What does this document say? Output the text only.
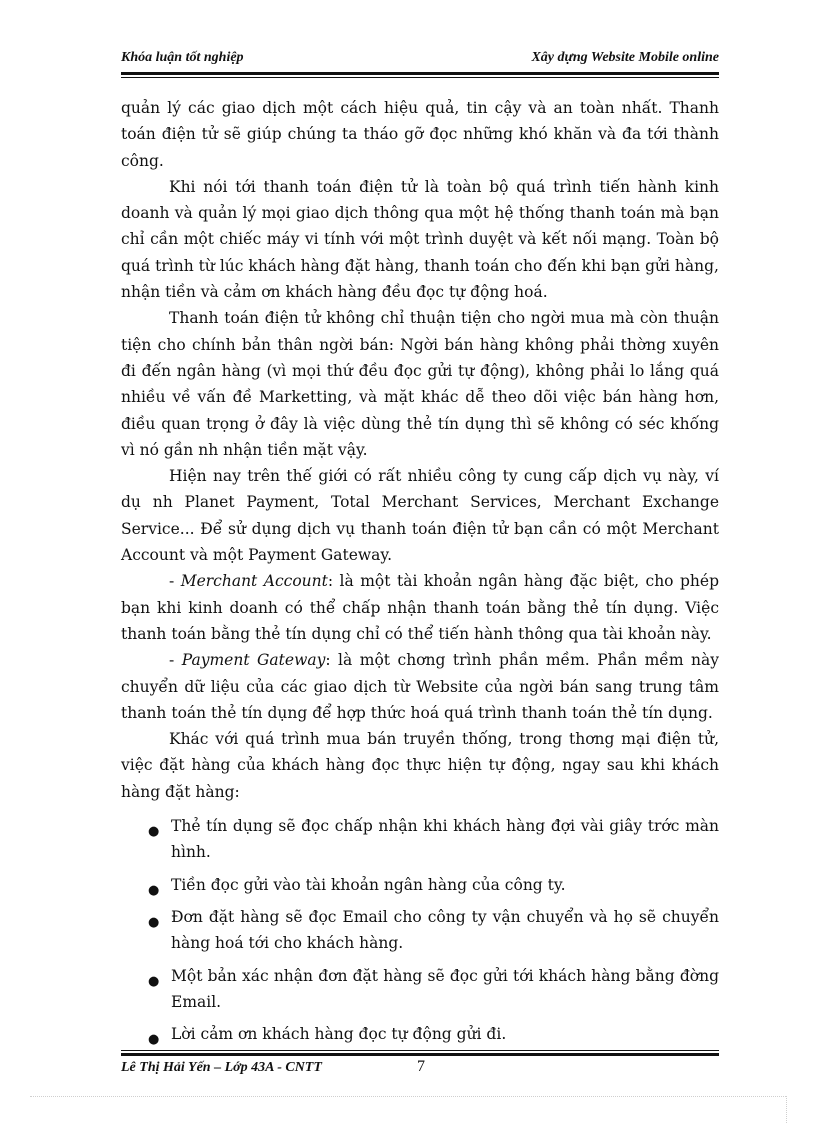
Khóa luận tốt nghiệp	Xây dựng Website Mobile online

quản lý các giao dịch một cách hiệu quả, tin cậy và an toàn nhất. Thanh toán điện tử sẽ giúp chúng ta tháo gỡ đọc những khó khăn và đa tới thành công.

Khi nói tới thanh toán điện tử là toàn bộ quá trình tiến hành kinh doanh và quản lý mọi giao dịch thông qua một hệ thống thanh toán mà bạn chỉ cần một chiếc máy vi tính với một trình duyệt và kết nối mạng. Toàn bộ quá trình từ lúc khách hàng đặt hàng, thanh toán cho đến khi bạn gửi hàng, nhận tiền và cảm ơn khách hàng đều đọc tự động hoá.

Thanh toán điện tử không chỉ thuận tiện cho ngời mua mà còn thuận tiện cho chính bản thân ngời bán: Ngời bán hàng không phải thờng xuyên đi đến ngân hàng (vì mọi thứ đều đọc gửi tự động), không phải lo lắng quá nhiều về vấn đề Marketting, và mặt khác dễ theo dõi việc bán hàng hơn, điều quan trọng ở đây là việc dùng thẻ tín dụng thì sẽ không có séc khống vì nó gần nh nhận tiền mặt vậy.

Hiện nay trên thế giới có rất nhiều công ty cung cấp dịch vụ này, ví dụ nh Planet Payment, Total Merchant Services, Merchant Exchange Service... Để sử dụng dịch vụ thanh toán điện tử bạn cần có một Merchant Account và một Payment Gateway.

- Merchant Account: là một tài khoản ngân hàng đặc biệt, cho phép bạn khi kinh doanh có thể chấp nhận thanh toán bằng thẻ tín dụng. Việc thanh toán bằng thẻ tín dụng chỉ có thể tiến hành thông qua tài khoản này.

- Payment Gateway: là một chơng trình phần mềm. Phần mềm này chuyển dữ liệu của các giao dịch từ Website của ngời bán sang trung tâm thanh toán thẻ tín dụng để hợp thức hoá quá trình thanh toán thẻ tín dụng.

Khác với quá trình mua bán truyền thống, trong thơng mại điện tử, việc đặt hàng của khách hàng đọc thực hiện tự động, ngay sau khi khách hàng đặt hàng:

● Thẻ tín dụng sẽ đọc chấp nhận khi khách hàng đợi vài giây trớc màn hình.
● Tiền đọc gửi vào tài khoản ngân hàng của công ty.
● Đơn đặt hàng sẽ đọc Email cho công ty vận chuyển và họ sẽ chuyển hàng hoá tới cho khách hàng.
● Một bản xác nhận đơn đặt hàng sẽ đọc gửi tới khách hàng bằng đờng Email.
● Lời cảm ơn khách hàng đọc tự động gửi đi.
Lê Thị Hải Yến – Lớp 43A - CNTT	7
